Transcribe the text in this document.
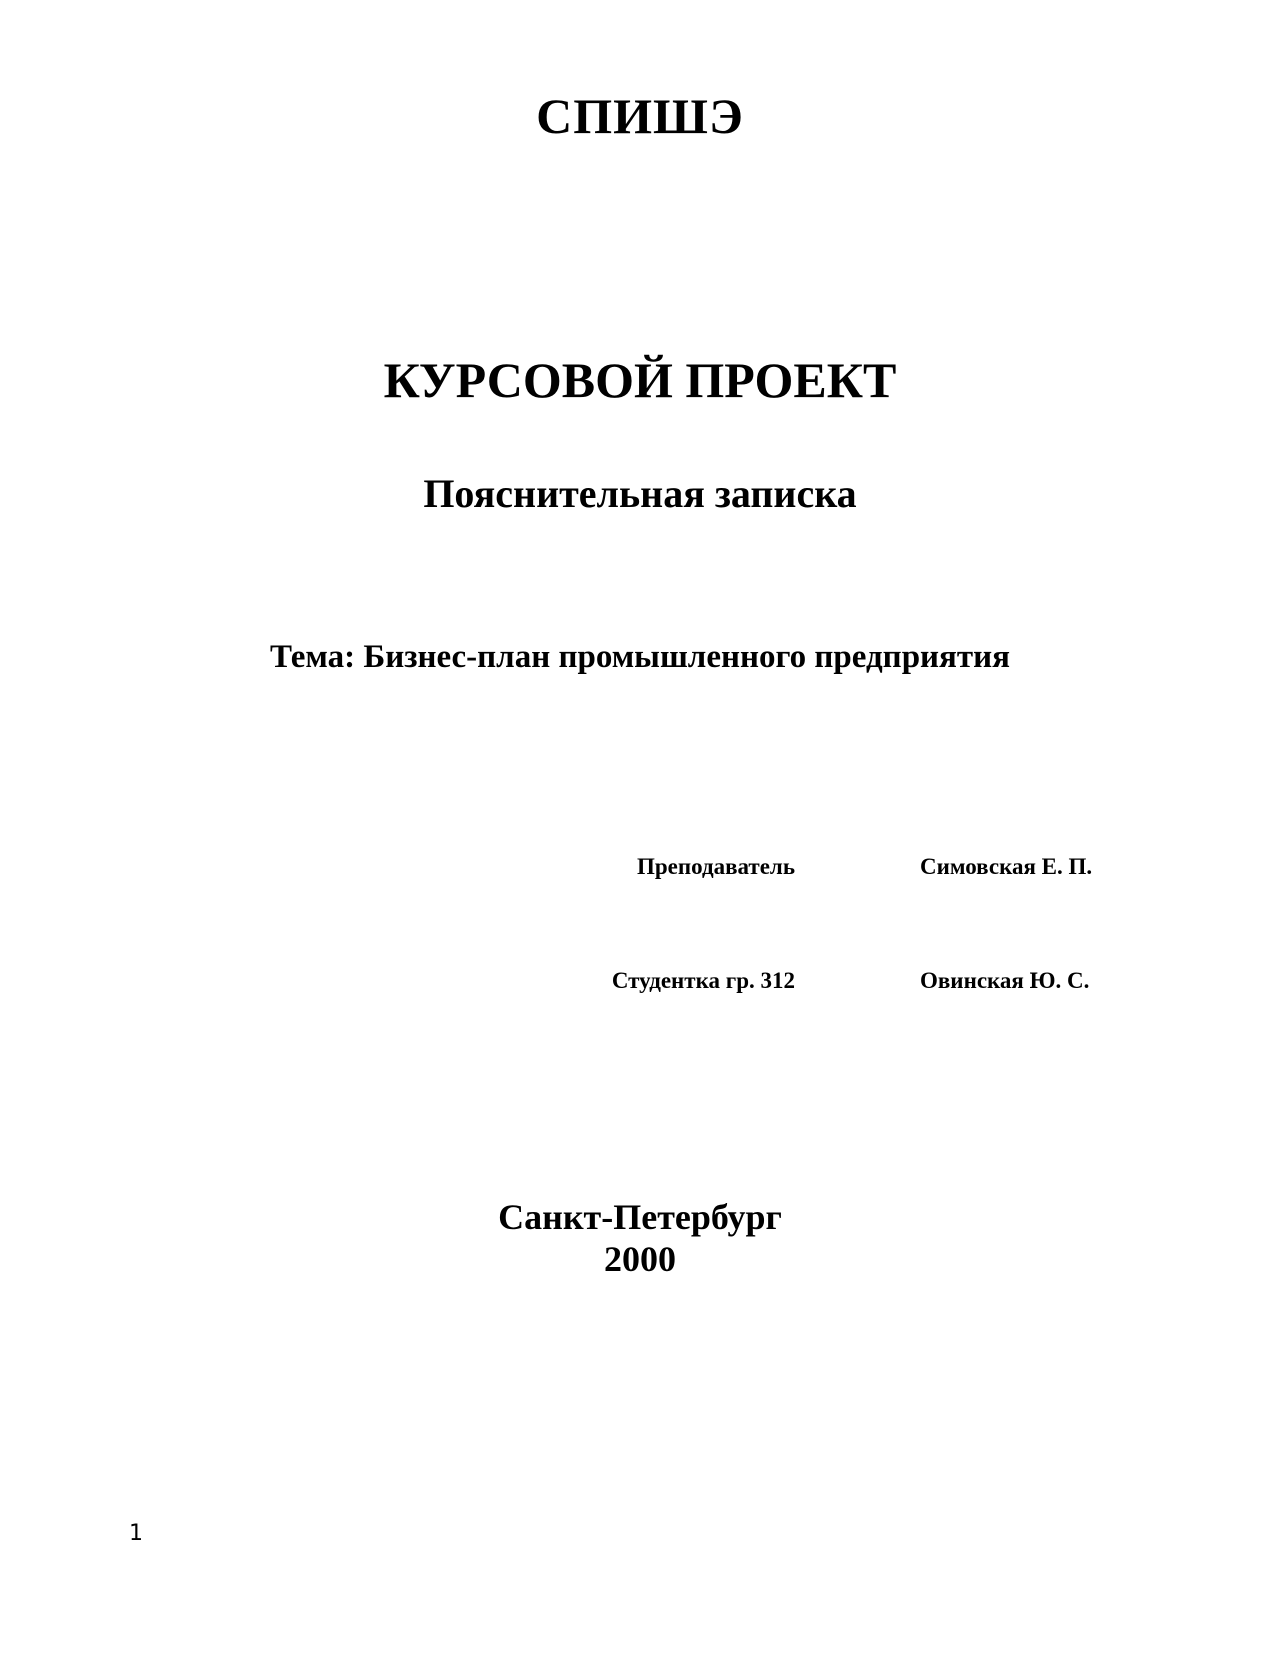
СПИШЭ
КУРСОВОЙ ПРОЕКТ
Пояснительная записка
Тема: Бизнес-план промышленного предприятия
Преподаватель	Симовская Е. П.
Студентка гр. 312	Овинская Ю. С.
Санкт-Петербург
2000
1
